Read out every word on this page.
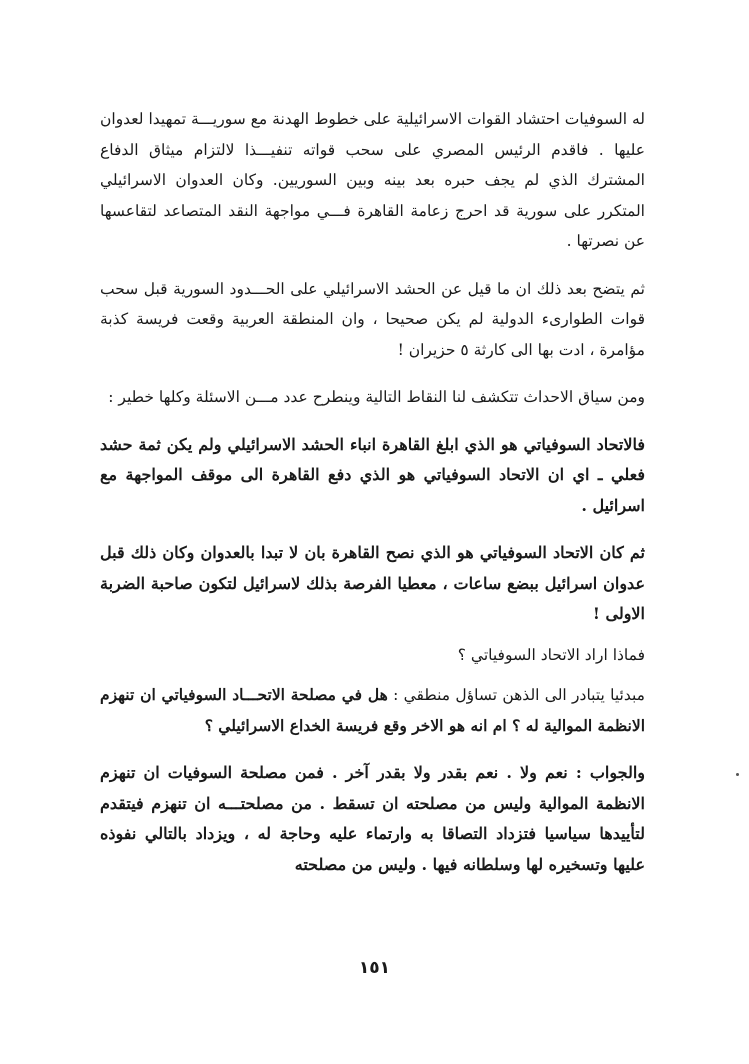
له السوفيات احتشاد القوات الاسرائيلية على خطوط الهدنة مع سوريـــة تمهيدا لعدوان عليها . فاقدم الرئيس المصري على سحب قواته تنفيـــذا لالتزام ميثاق الدفاع المشترك الذي لم يجف حبره بعد بينه وبين السوريين. وكان العدوان الاسرائيلي المتكرر على سورية قد احرج زعامة القاهرة فـــي مواجهة النقد المتصاعد لتقاعسها عن نصرتها .

ثم يتضح بعد ذلك ان ما قيل عن الحشد الاسرائيلي على الحـــدود السورية قبل سحب قوات الطوارىء الدولية لم يكن صحيحا ، وان المنطقة العربية وقعت فريسة كذبة مؤامرة ، ادت بها الى كارثة ٥ حزيران !

ومن سياق الاحداث تتكشف لنا النقاط التالية وينطرح عدد مـــن الاسئلة وكلها خطير :

فالاتحاد السوفياتي هو الذي ابلغ القاهرة انباء الحشد الاسرائيلي ولم يكن ثمة حشد فعلي ـ اي ان الاتحاد السوفياتي هو الذي دفع القاهرة الى موقف المواجهة مع اسرائيل .

ثم كان الاتحاد السوفياتي هو الذي نصح القاهرة بان لا تبدا بالعدوان وكان ذلك قبل عدوان اسرائيل ببضع ساعات ، معطيا الفرصة بذلك لاسرائيل لتكون صاحبة الضربة الاولى !

فماذا اراد الاتحاد السوفياتي ؟

مبدئيا يتبادر الى الذهن تساؤل منطقي : هل في مصلحة الاتحـــاد السوفياتي ان تنهزم الانظمة الموالية له ؟ ام انه هو الاخر وقع فريسة الخداع الاسرائيلي ؟

والجواب : نعم ولا . نعم بقدر ولا بقدر آخر . فمن مصلحة السوفيات ان تنهزم الانظمة الموالية وليس من مصلحته ان تسقط . من مصلحتـــه ان تنهزم فيتقدم لتأييدها سياسيا فتزداد التصاقا به وارتماء عليه وحاجة له ، ويزداد بالتالي نفوذه عليها وتسخيره لها وسلطانه فيها . وليس من مصلحته

١٥١
